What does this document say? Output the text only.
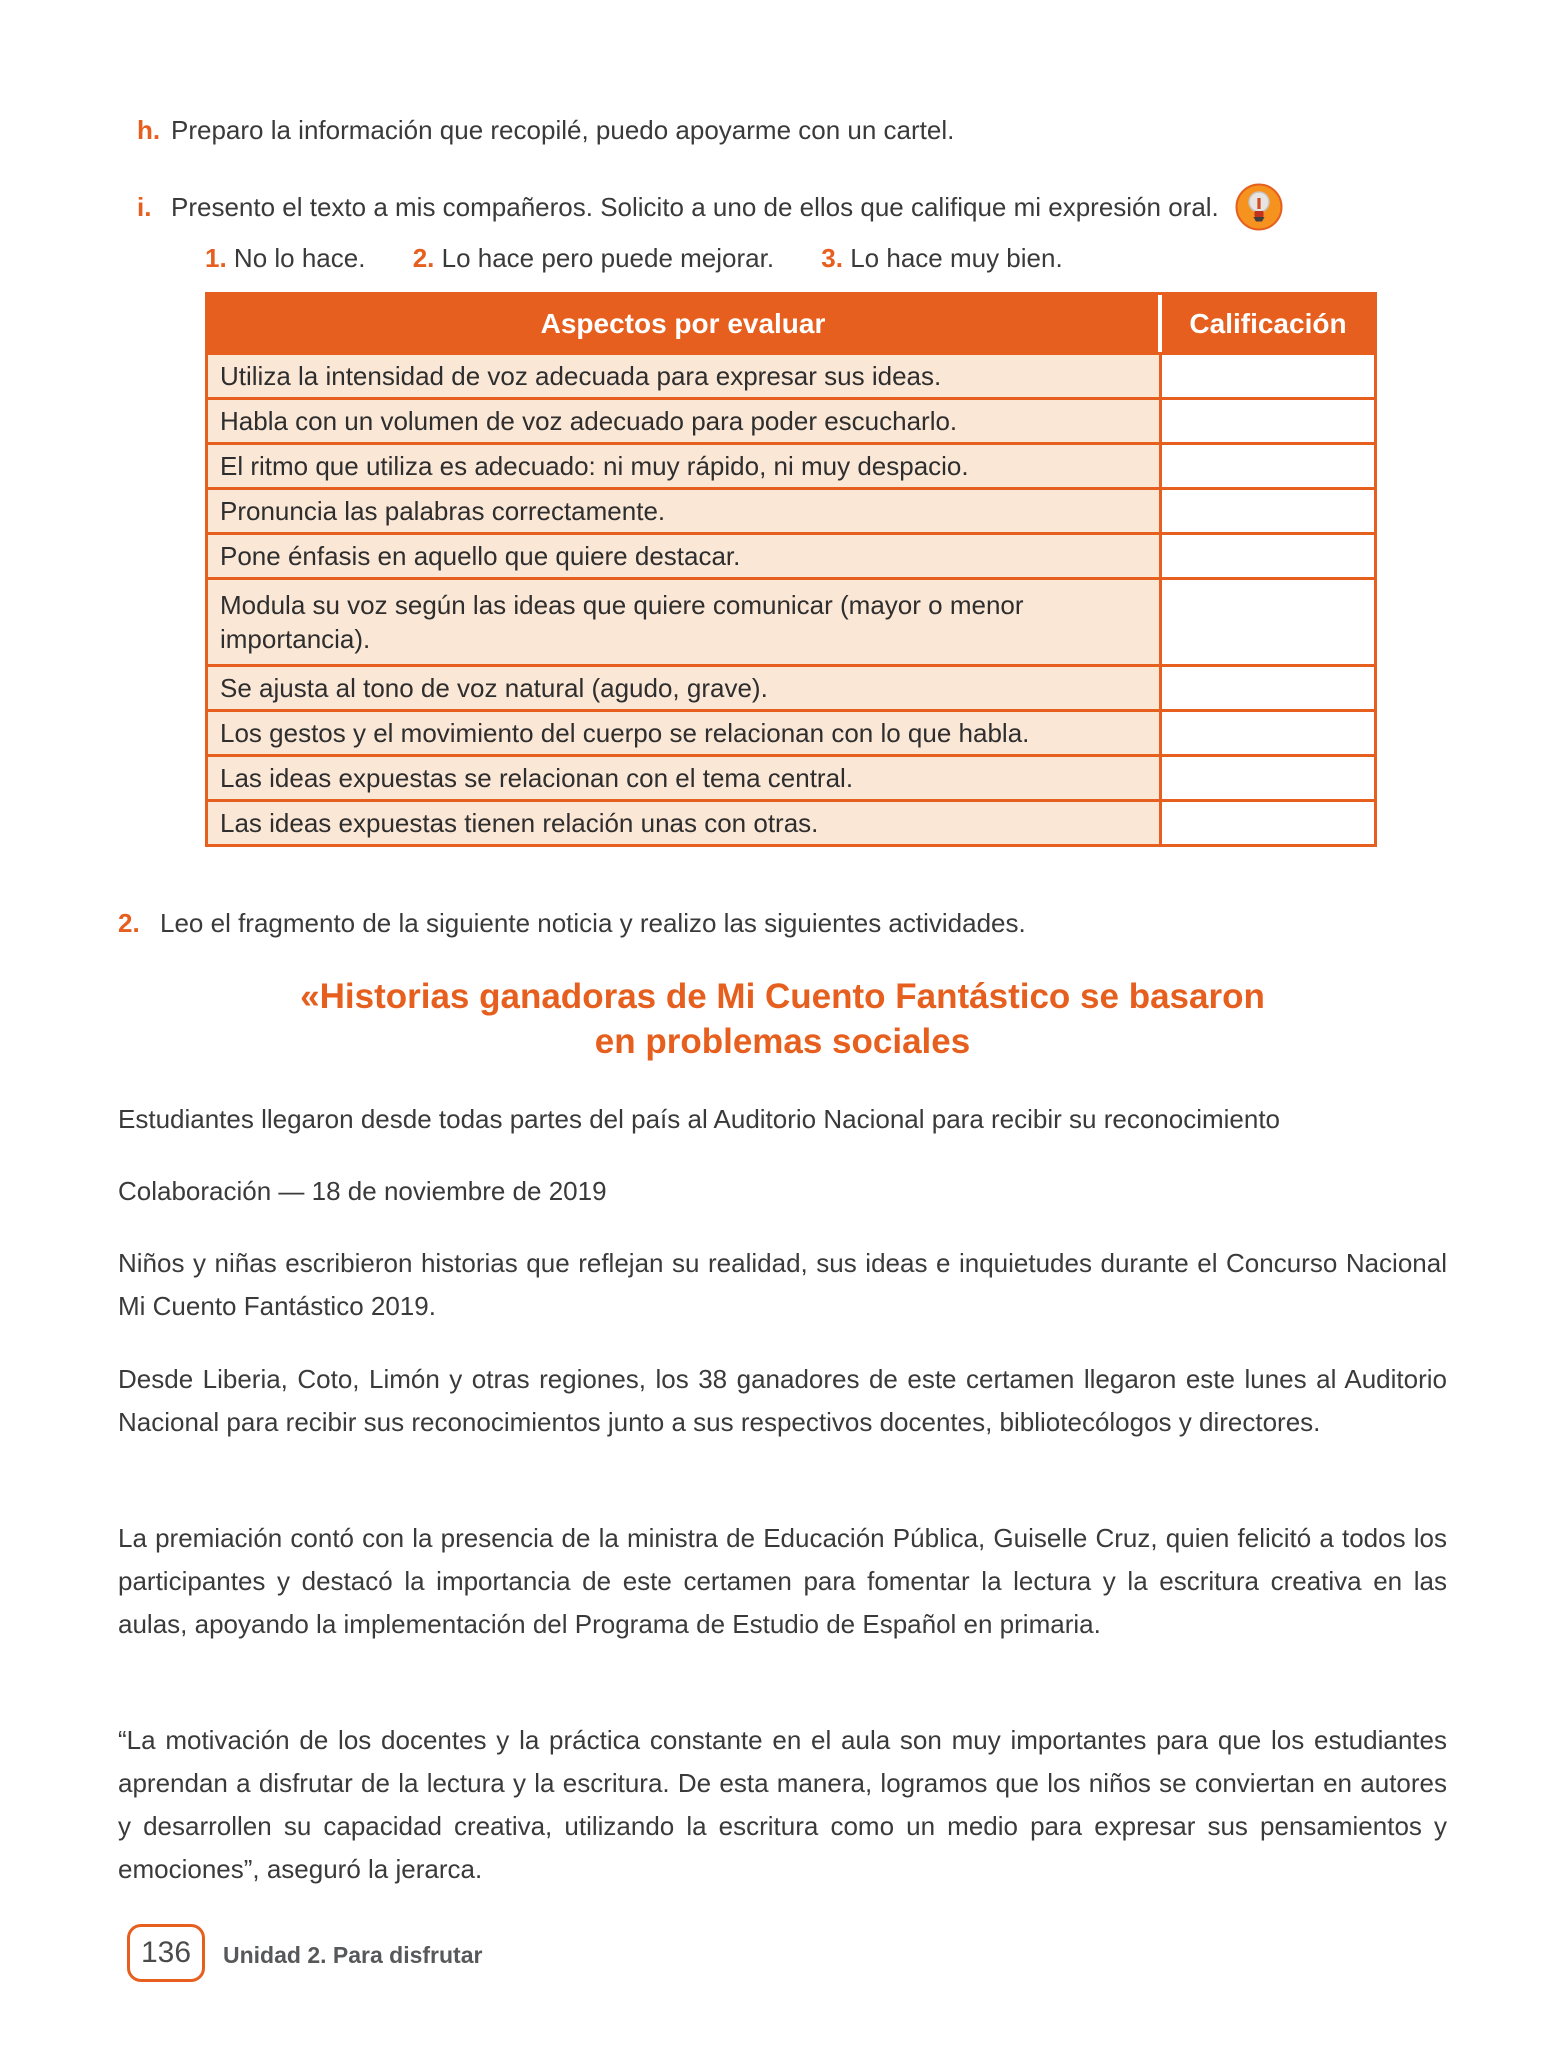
h. Preparo la información que recopilé, puedo apoyarme con un cartel.
i. Presento el texto a mis compañeros. Solicito a uno de ellos que califique mi expresión oral.
1. No lo hace. 2. Lo hace pero puede mejorar. 3. Lo hace muy bien.
Aspectos por evaluar	Calificación
Utiliza la intensidad de voz adecuada para expresar sus ideas.
Habla con un volumen de voz adecuado para poder escucharlo.
El ritmo que utiliza es adecuado: ni muy rápido, ni muy despacio.
Pronuncia las palabras correctamente.
Pone énfasis en aquello que quiere destacar.
Modula su voz según las ideas que quiere comunicar (mayor o menor importancia).
Se ajusta al tono de voz natural (agudo, grave).
Los gestos y el movimiento del cuerpo se relacionan con lo que habla.
Las ideas expuestas se relacionan con el tema central.
Las ideas expuestas tienen relación unas con otras.
2. Leo el fragmento de la siguiente noticia y realizo las siguientes actividades.
«Historias ganadoras de Mi Cuento Fantástico se basaron
en problemas sociales
Estudiantes llegaron desde todas partes del país al Auditorio Nacional para recibir su reconocimiento
Colaboración — 18 de noviembre de 2019
Niños y niñas escribieron historias que reflejan su realidad, sus ideas e inquietudes durante el Concurso Nacional Mi Cuento Fantástico 2019.
Desde Liberia, Coto, Limón y otras regiones, los 38 ganadores de este certamen llegaron este lunes al Auditorio Nacional para recibir sus reconocimientos junto a sus respectivos docentes, bibliotecólogos y directores.
La premiación contó con la presencia de la ministra de Educación Pública, Guiselle Cruz, quien felicitó a todos los participantes y destacó la importancia de este certamen para fomentar la lectura y la escritura creativa en las aulas, apoyando la implementación del Programa de Estudio de Español en primaria.
“La motivación de los docentes y la práctica constante en el aula son muy importantes para que los estudiantes aprendan a disfrutar de la lectura y la escritura. De esta manera, logramos que los niños se conviertan en autores y desarrollen su capacidad creativa, utilizando la escritura como un medio para expresar sus pensamientos y emociones”, aseguró la jerarca.
136 Unidad 2. Para disfrutar
